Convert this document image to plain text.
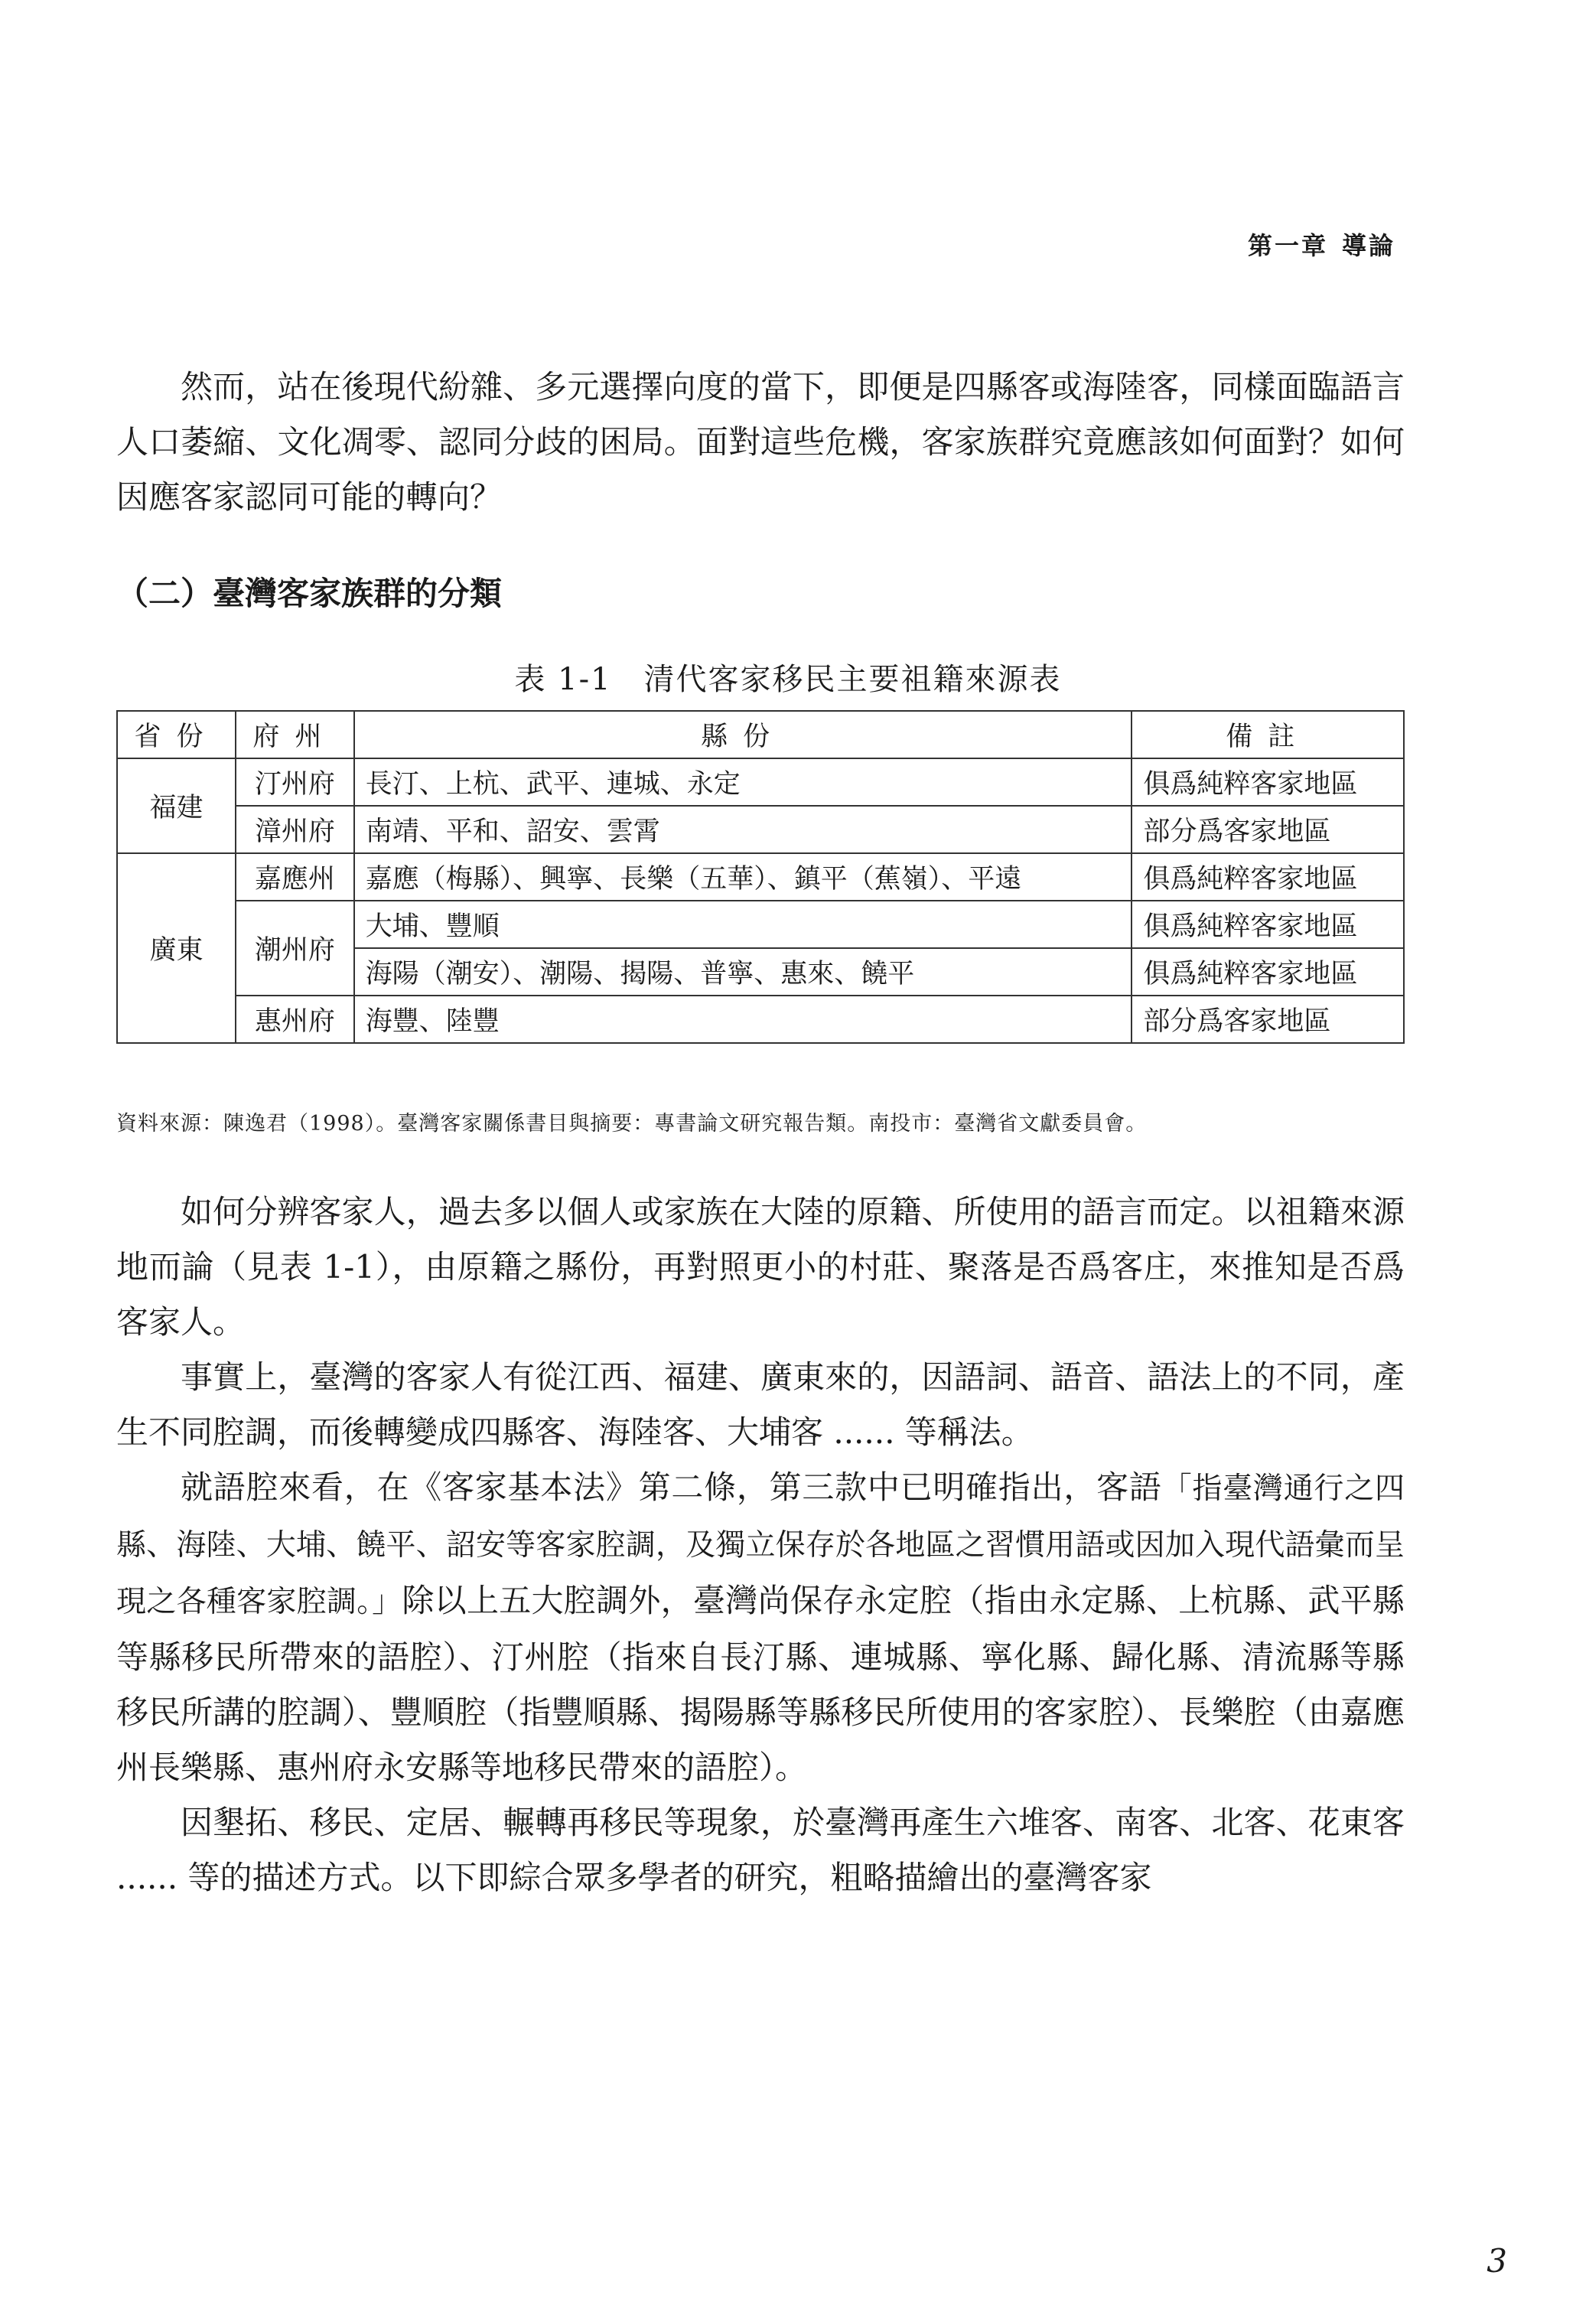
第一章 導論

然而，站在後現代紛雜、多元選擇向度的當下，即便是四縣客或海陸客，同樣面臨語言人口萎縮、文化凋零、認同分歧的困局。面對這些危機，客家族群究竟應該如何面對？如何因應客家認同可能的轉向？

（二）臺灣客家族群的分類
表 1-1　清代客家移民主要祖籍來源表
省份	府州	縣份	備註
福建	汀州府	長汀、上杭、武平、連城、永定	俱爲純粹客家地區
	漳州府	南靖、平和、詔安、雲霄	部分爲客家地區
廣東	嘉應州	嘉應（梅縣）、興寧、長樂（五華）、鎮平（蕉嶺）、平遠	俱爲純粹客家地區
	潮州府	大埔、豐順	俱爲純粹客家地區
		海陽（潮安）、潮陽、揭陽、普寧、惠來、饒平	俱爲純粹客家地區
	惠州府	海豐、陸豐	部分爲客家地區
資料來源：陳逸君（1998）。臺灣客家關係書目與摘要：專書論文研究報告類。南投市：臺灣省文獻委員會。

如何分辨客家人，過去多以個人或家族在大陸的原籍、所使用的語言而定。以祖籍來源地而論（見表 1-1），由原籍之縣份，再對照更小的村莊、聚落是否爲客庄，來推知是否爲客家人。

事實上，臺灣的客家人有從江西、福建、廣東來的，因語詞、語音、語法上的不同，產生不同腔調，而後轉變成四縣客、海陸客、大埔客 ...... 等稱法。

就語腔來看，在《客家基本法》第二條，第三款中已明確指出，客語「指臺灣通行之四縣、海陸、大埔、饒平、詔安等客家腔調，及獨立保存於各地區之習慣用語或因加入現代語彙而呈現之各種客家腔調。」除以上五大腔調外，臺灣尚保存永定腔（指由永定縣、上杭縣、武平縣等縣移民所帶來的語腔）、汀州腔（指來自長汀縣、連城縣、寧化縣、歸化縣、清流縣等縣移民所講的腔調）、豐順腔（指豐順縣、揭陽縣等縣移民所使用的客家腔）、長樂腔（由嘉應州長樂縣、惠州府永安縣等地移民帶來的語腔）。

因墾拓、移民、定居、輾轉再移民等現象，於臺灣再產生六堆客、南客、北客、花東客 ...... 等的描述方式。以下即綜合眾多學者的研究，粗略描繪出的臺灣客家

3
